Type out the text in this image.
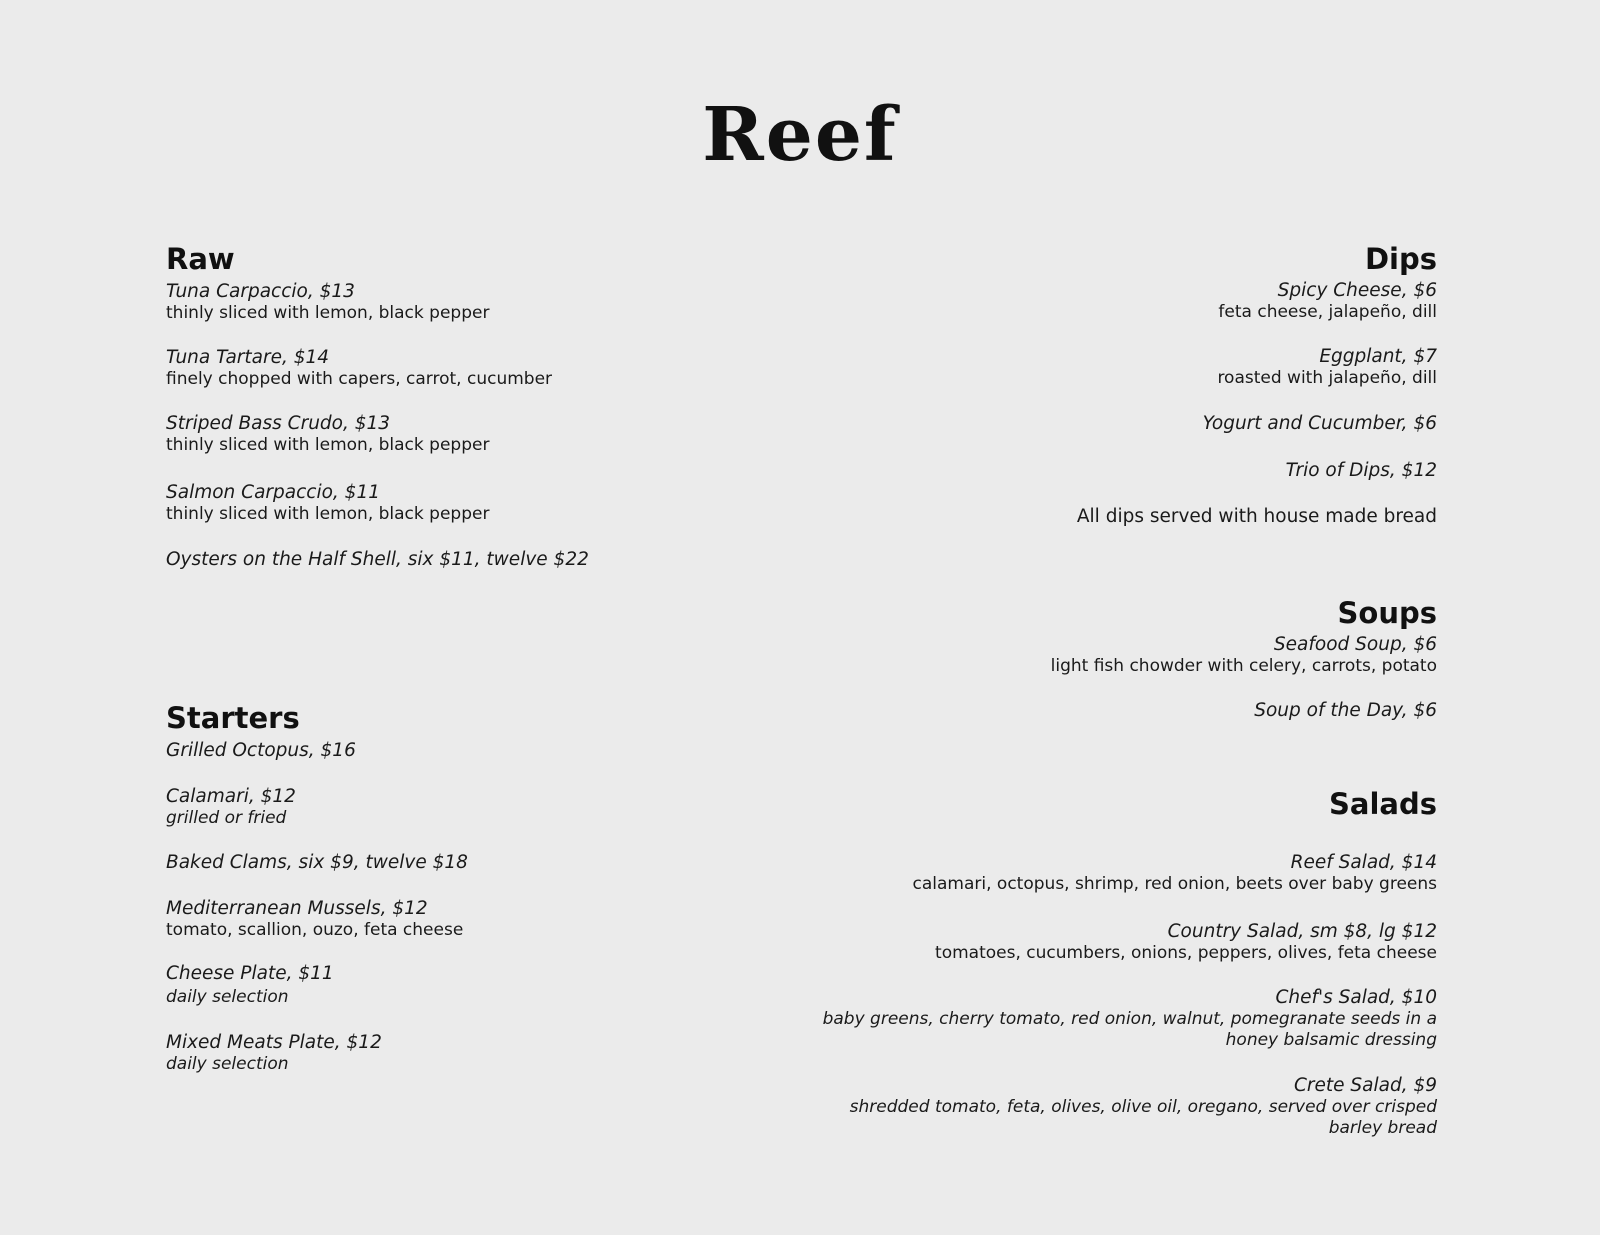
Reef
Raw
Tuna Carpaccio, $13
thinly sliced with lemon, black pepper
Tuna Tartare, $14
finely chopped with capers, carrot, cucumber
Striped Bass Crudo, $13
thinly sliced with lemon, black pepper
Salmon Carpaccio, $11
thinly sliced with lemon, black pepper
Oysters on the Half Shell, six $11, twelve $22
Starters
Grilled Octopus, $16
Calamari, $12
grilled or fried
Baked Clams, six $9, twelve $18
Mediterranean Mussels, $12
tomato, scallion, ouzo, feta cheese
Cheese Plate, $11
daily selection
Mixed Meats Plate, $12
daily selection
Dips
Spicy Cheese, $6
feta cheese, jalapeño, dill
Eggplant, $7
roasted with jalapeño, dill
Yogurt and Cucumber, $6
Trio of Dips, $12
All dips served with house made bread
Soups
Seafood Soup, $6
light fish chowder with celery, carrots, potato
Soup of the Day, $6
Salads
Reef Salad, $14
calamari, octopus, shrimp, red onion, beets over baby greens
Country Salad, sm $8, lg $12
tomatoes, cucumbers, onions, peppers, olives, feta cheese
Chef's Salad, $10
baby greens, cherry tomato, red onion, walnut, pomegranate seeds in a
honey balsamic dressing
Crete Salad, $9
shredded tomato, feta, olives, olive oil, oregano, served over crisped
barley bread
